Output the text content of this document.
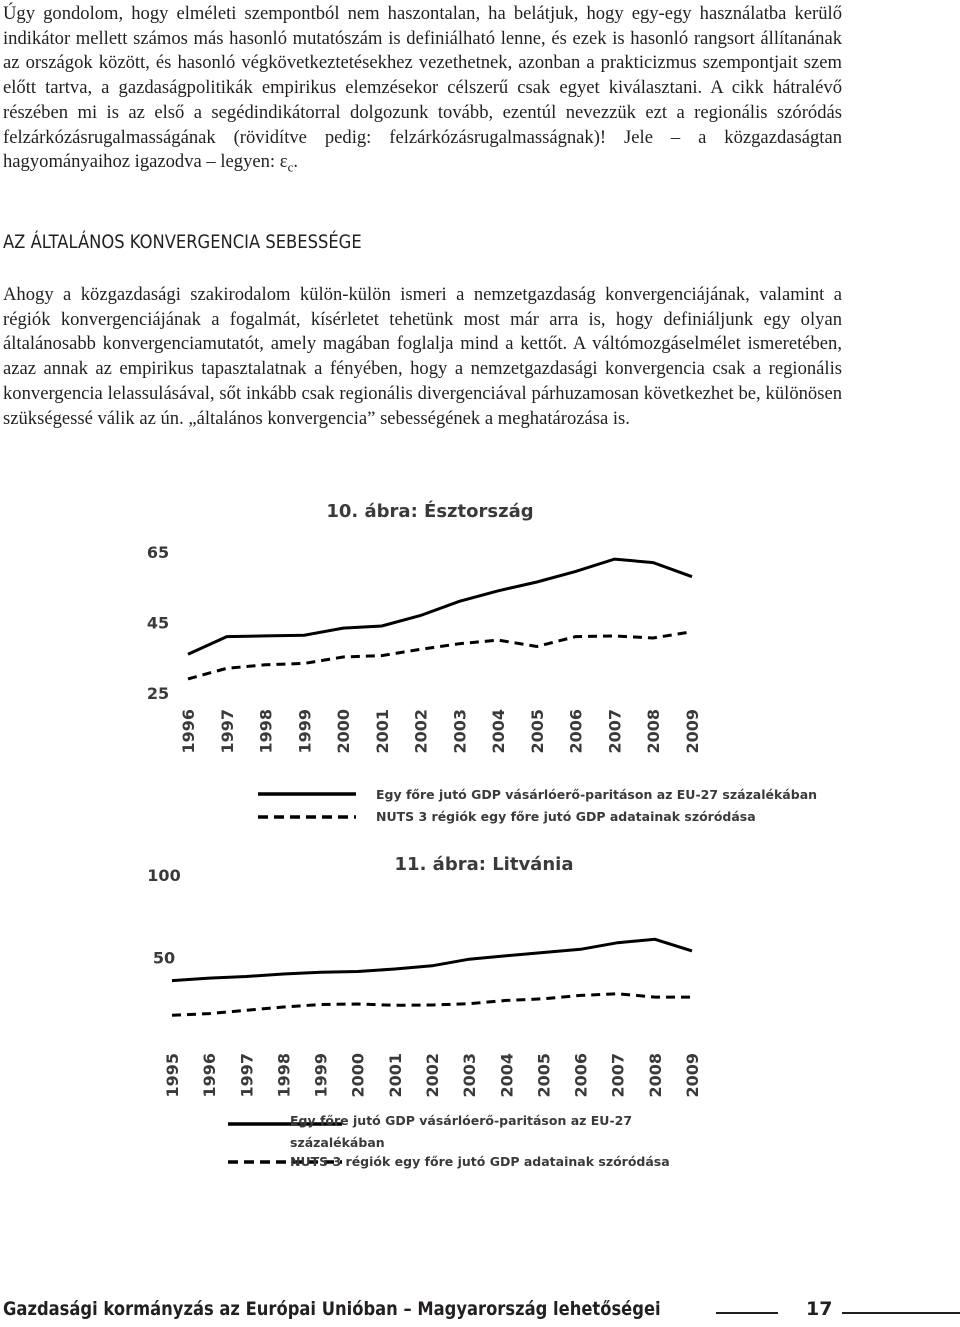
Úgy gondolom, hogy elméleti szempontból nem haszontalan, ha belátjuk, hogy egy-egy használatba kerülő indikátor mellett számos más hasonló mutatószám is definiálható lenne, és ezek is hasonló rangsort állítanának az országok között, és hasonló végkövetkeztetésekhez vezethetnek, azonban a prakticizmus szempontjait szem előtt tartva, a gazdaságpolitikák empirikus elemzésekor célszerű csak egyet kiválasztani. A cikk hátralévő részében mi is az első a segédindikátorral dolgozunk tovább, ezentúl nevezzük ezt a regionális szóródás felzárkózásrugalmasságának (rövidítve pedig: felzárkózásrugalmasságnak)! Jele – a közgazdaságtan hagyományaihoz igazodva – legyen: $\varepsilon_c$.

AZ ÁLTALÁNOS KONVERGENCIA SEBESSÉGE

Ahogy a közgazdasági szakirodalom külön-külön ismeri a nemzetgazdaság konvergenciájának, valamint a régiók konvergenciájának a fogalmát, kísérletet tehetünk most már arra is, hogy definiáljunk egy olyan általánosabb konvergenciamutatót, amely magában foglalja mind a kettőt. A váltómozgáselmélet ismeretében, azaz annak az empirikus tapasztalatnak a fényében, hogy a nemzetgazdasági konvergencia csak a regionális konvergencia lelassulásával, sőt inkább csak regionális divergenciával párhuzamosan következhet be, különösen szükségessé válik az ún. „általános konvergencia” sebességének a meghatározása is.

10. ábra: Észtország
65
45
25
1996 1997 1998 1999 2000 2001 2002 2003 2004 2005 2006 2007 2008 2009
Egy főre jutó GDP vásárlóerő-paritáson az EU-27 százalékában
NUTS 3 régiók egy főre jutó GDP adatainak szóródása
11. ábra: Litvánia
100
50
1995 1996 1997 1998 1999 2000 2001 2002 2003 2004 2005 2006 2007 2008 2009
Egy főre jutó GDP vásárlóerő-paritáson az EU-27
százalékában
NUTS 3 régiók egy főre jutó GDP adatainak szóródása
Gazdasági kormányzás az Európai Unióban – Magyarország lehetőségei	17
